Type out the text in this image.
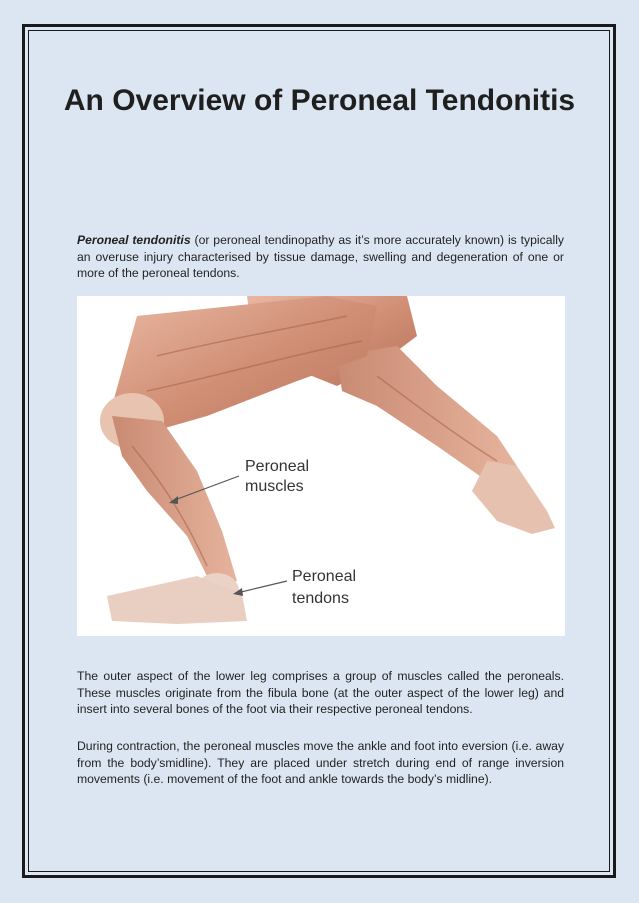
An Overview of Peroneal Tendonitis

Peroneal tendonitis (or peroneal tendinopathy as it’s more accurately known) is typically an overuse injury characterised by tissue damage, swelling and degeneration of one or more of the peroneal tendons.

Peroneal
muscles
Peroneal
tendons

The outer aspect of the lower leg comprises a group of muscles called the peroneals. These muscles originate from the fibula bone (at the outer aspect of the lower leg) and insert into several bones of the foot via their respective peroneal tendons.

During contraction, the peroneal muscles move the ankle and foot into eversion (i.e. away from the body’smidline). They are placed under stretch during end of range inversion movements (i.e. movement of the foot and ankle towards the body’s midline).
